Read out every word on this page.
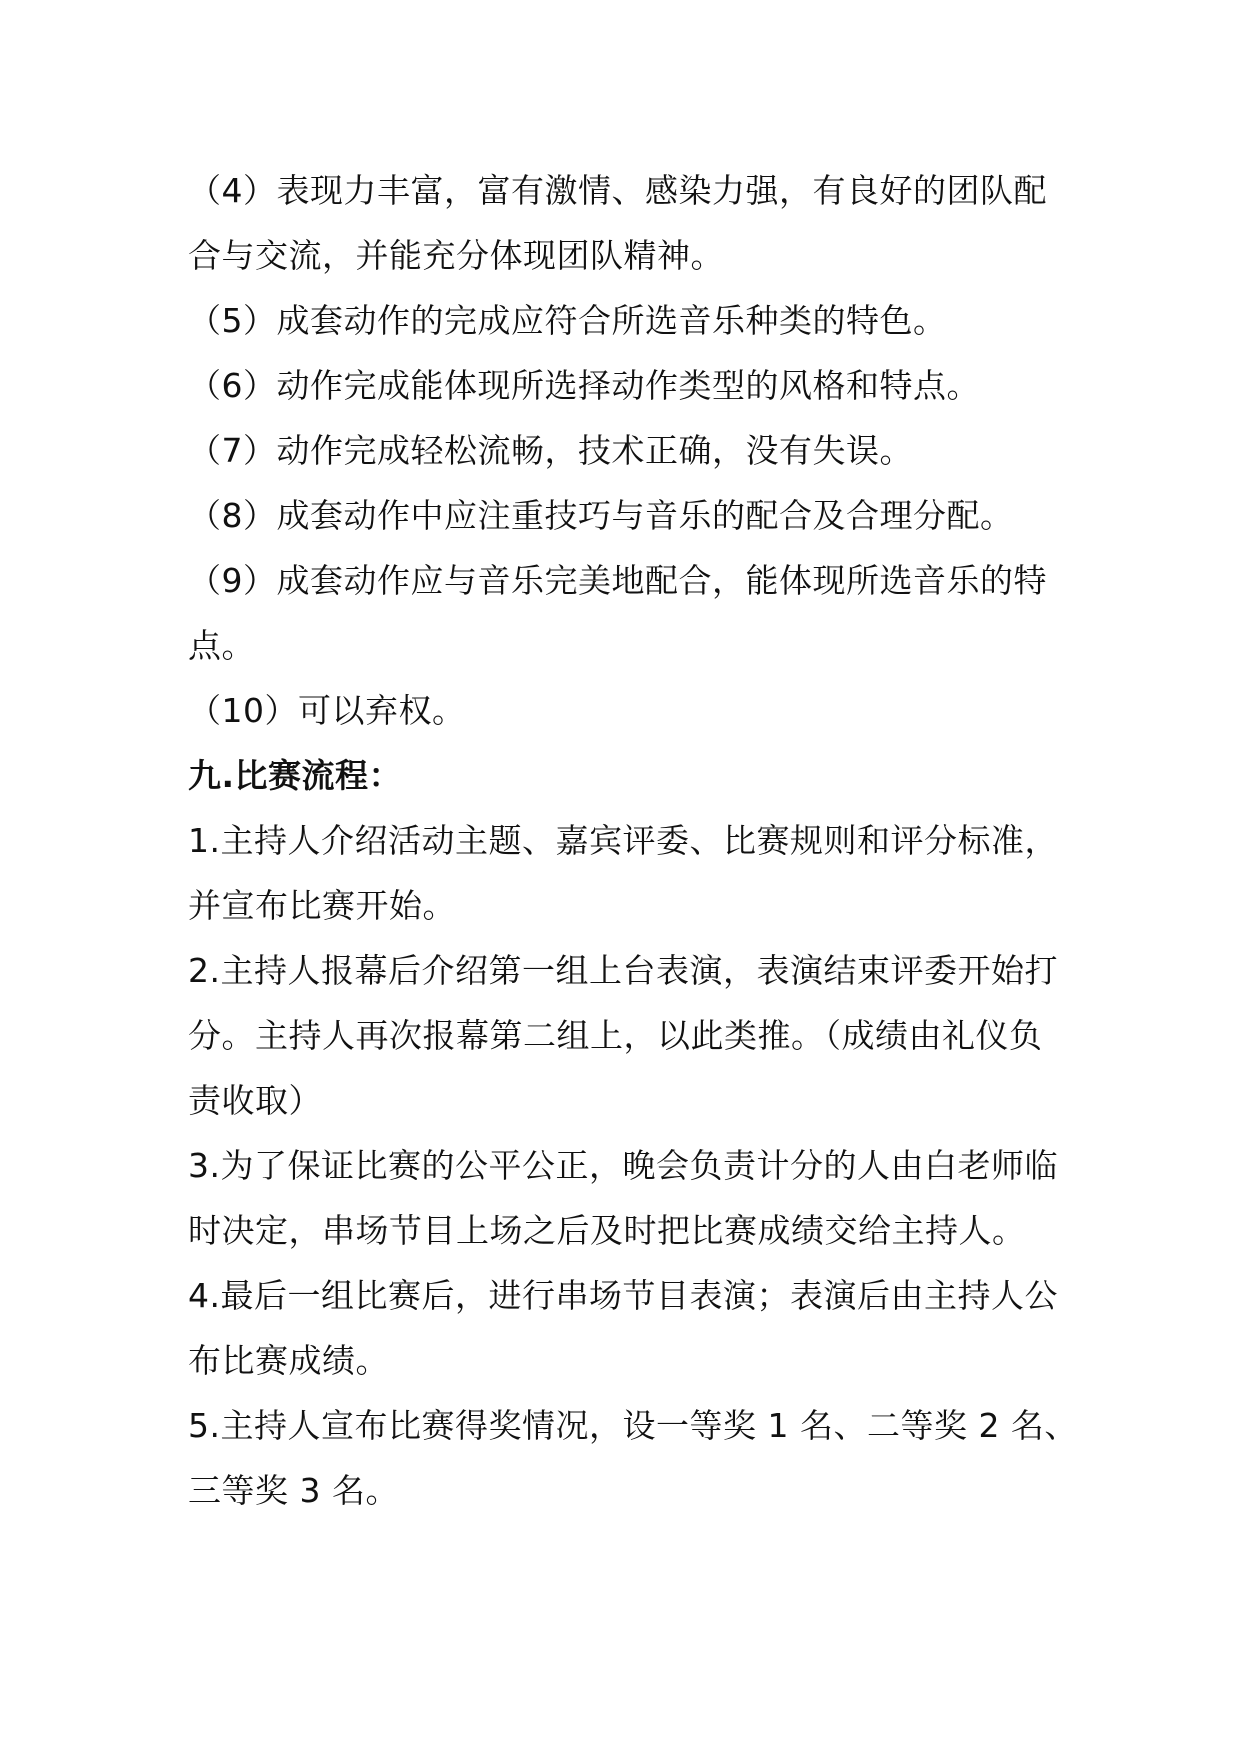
（4）表现力丰富，富有激情、感染力强，有良好的团队配
合与交流，并能充分体现团队精神。
（5）成套动作的完成应符合所选音乐种类的特色。
（6）动作完成能体现所选择动作类型的风格和特点。
（7）动作完成轻松流畅，技术正确，没有失误。
（8）成套动作中应注重技巧与音乐的配合及合理分配。
（9）成套动作应与音乐完美地配合，能体现所选音乐的特
点。
（10）可以弃权。
九.比赛流程：
1.主持人介绍活动主题、嘉宾评委、比赛规则和评分标准，
并宣布比赛开始。
2.主持人报幕后介绍第一组上台表演，表演结束评委开始打
分。主持人再次报幕第二组上，以此类推。（成绩由礼仪负
责收取）
3.为了保证比赛的公平公正，晚会负责计分的人由白老师临
时决定，串场节目上场之后及时把比赛成绩交给主持人。
4.最后一组比赛后，进行串场节目表演；表演后由主持人公
布比赛成绩。
5.主持人宣布比赛得奖情况，设一等奖 1 名、二等奖 2 名、
三等奖 3 名。
